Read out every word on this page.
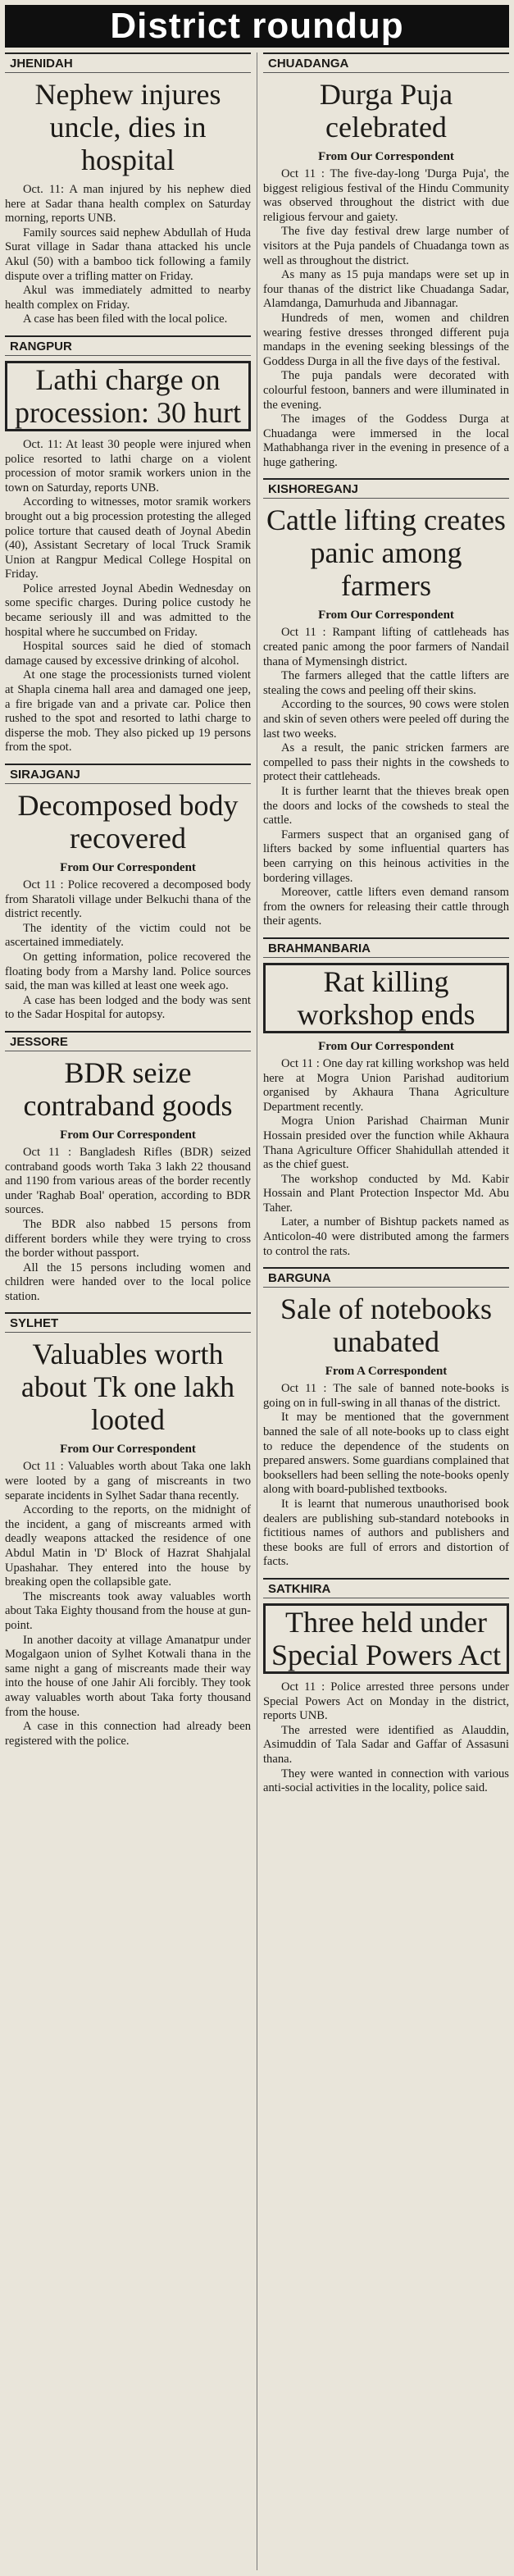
District roundup
JHENIDAH
Nephew injures uncle, dies in hospital

Oct. 11: A man injured by his nephew died here at Sadar thana health complex on Saturday morning, reports UNB.

Family sources said nephew Abdullah of Huda Surat village in Sadar thana attacked his uncle Akul (50) with a bamboo tick following a family dispute over a trifling matter on Friday.

Akul was immediately admitted to nearby health complex on Friday.

A case has been filed with the local police.

RANGPUR
Lathi charge on procession: 30 hurt

Oct. 11: At least 30 people were injured when police resorted to lathi charge on a violent procession of motor sramik workers union in the town on Saturday, reports UNB.

According to witnesses, motor sramik workers brought out a big procession protesting the alleged police torture that caused death of Joynal Abedin (40), Assistant Secretary of local Truck Sramik Union at Rangpur Medical College Hospital on Friday.

Police arrested Joynal Abedin Wednesday on some specific charges. During police custody he became seriously ill and was admitted to the hospital where he succumbed on Friday.

Hospital sources said he died of stomach damage caused by excessive drinking of alcohol.

At one stage the processionists turned violent at Shapla cinema hall area and damaged one jeep, a fire brigade van and a private car. Police then rushed to the spot and resorted to lathi charge to disperse the mob. They also picked up 19 persons from the spot.

SIRAJGANJ
Decomposed body recovered
From Our Correspondent

Oct 11 : Police recovered a decomposed body from Sharatoli village under Belkuchi thana of the district recently.

The identity of the victim could not be ascertained immediately.

On getting information, police recovered the floating body from a Marshy land. Police sources said, the man was killed at least one week ago.

A case has been lodged and the body was sent to the Sadar Hospital for autopsy.

JESSORE
BDR seize contraband goods
From Our Correspondent

Oct 11 : Bangladesh Rifles (BDR) seized contraband goods worth Taka 3 lakh 22 thousand and 1190 from various areas of the border recently under 'Raghab Boal' operation, according to BDR sources.

The BDR also nabbed 15 persons from different borders while they were trying to cross the border without passport.

All the 15 persons including women and children were handed over to the local police station.

SYLHET
Valuables worth about Tk one lakh looted
From Our Correspondent

Oct 11 : Valuables worth about Taka one lakh were looted by a gang of miscreants in two separate incidents in Sylhet Sadar thana recently.

According to the reports, on the midnight of the incident, a gang of miscreants armed with deadly weapons attacked the residence of one Abdul Matin in 'D' Block of Hazrat Shahjalal Upashahar. They entered into the house by breaking open the collapsible gate.

The miscreants took away valuables worth about Taka Eighty thousand from the house at gun-point.

In another dacoity at village Amanatpur under Mogalgaon union of Sylhet Kotwali thana in the same night a gang of miscreants made their way into the house of one Jahir Ali forcibly. They took away valuables worth about Taka forty thousand from the house.

A case in this connection had already been registered with the police.

CHUADANGA
Durga Puja celebrated
From Our Correspondent

Oct 11 : The five-day-long 'Durga Puja', the biggest religious festival of the Hindu Community was observed throughout the district with due religious fervour and gaiety.

The five day festival drew large number of visitors at the Puja pandels of Chuadanga town as well as throughout the district.

As many as 15 puja mandaps were set up in four thanas of the district like Chuadanga Sadar, Alamdanga, Damurhuda and Jibannagar.

Hundreds of men, women and children wearing festive dresses thronged different puja mandaps in the evening seeking blessings of the Goddess Durga in all the five days of the festival.

The puja pandals were decorated with colourful festoon, banners and were illuminated in the evening.

The images of the Goddess Durga at Chuadanga were immersed in the local Mathabhanga river in the evening in presence of a huge gathering.

KISHOREGANJ
Cattle lifting creates panic among farmers
From Our Correspondent

Oct 11 : Rampant lifting of cattleheads has created panic among the poor farmers of Nandail thana of Mymensingh district.

The farmers alleged that the cattle lifters are stealing the cows and peeling off their skins.

According to the sources, 90 cows were stolen and skin of seven others were peeled off during the last two weeks.

As a result, the panic stricken farmers are compelled to pass their nights in the cowsheds to protect their cattleheads.

It is further learnt that the thieves break open the doors and locks of the cowsheds to steal the cattle.

Farmers suspect that an organised gang of lifters backed by some influential quarters has been carrying on this heinous activities in the bordering villages.

Moreover, cattle lifters even demand ransom from the owners for releasing their cattle through their agents.

BRAHMANBARIA
Rat killing workshop ends
From Our Correspondent

Oct 11 : One day rat killing workshop was held here at Mogra Union Parishad auditorium organised by Akhaura Thana Agriculture Department recently.

Mogra Union Parishad Chairman Munir Hossain presided over the function while Akhaura Thana Agriculture Officer Shahidullah attended it as the chief guest.

The workshop conducted by Md. Kabir Hossain and Plant Protection Inspector Md. Abu Taher.

Later, a number of Bishtup packets named as Anticolon-40 were distributed among the farmers to control the rats.

BARGUNA
Sale of notebooks unabated
From A Correspondent

Oct 11 : The sale of banned note-books is going on in full-swing in all thanas of the district.

It may be mentioned that the government banned the sale of all note-books up to class eight to reduce the dependence of the students on prepared answers. Some guardians complained that booksellers had been selling the note-books openly along with board-published textbooks.

It is learnt that numerous unauthorised book dealers are publishing sub-standard notebooks in fictitious names of authors and publishers and these books are full of errors and distortion of facts.

SATKHIRA
Three held under Special Powers Act

Oct 11 : Police arrested three persons under Special Powers Act on Monday in the district, reports UNB.

The arrested were identified as Alauddin, Asimuddin of Tala Sadar and Gaffar of Assasuni thana.

They were wanted in connection with various anti-social activities in the locality, police said.
